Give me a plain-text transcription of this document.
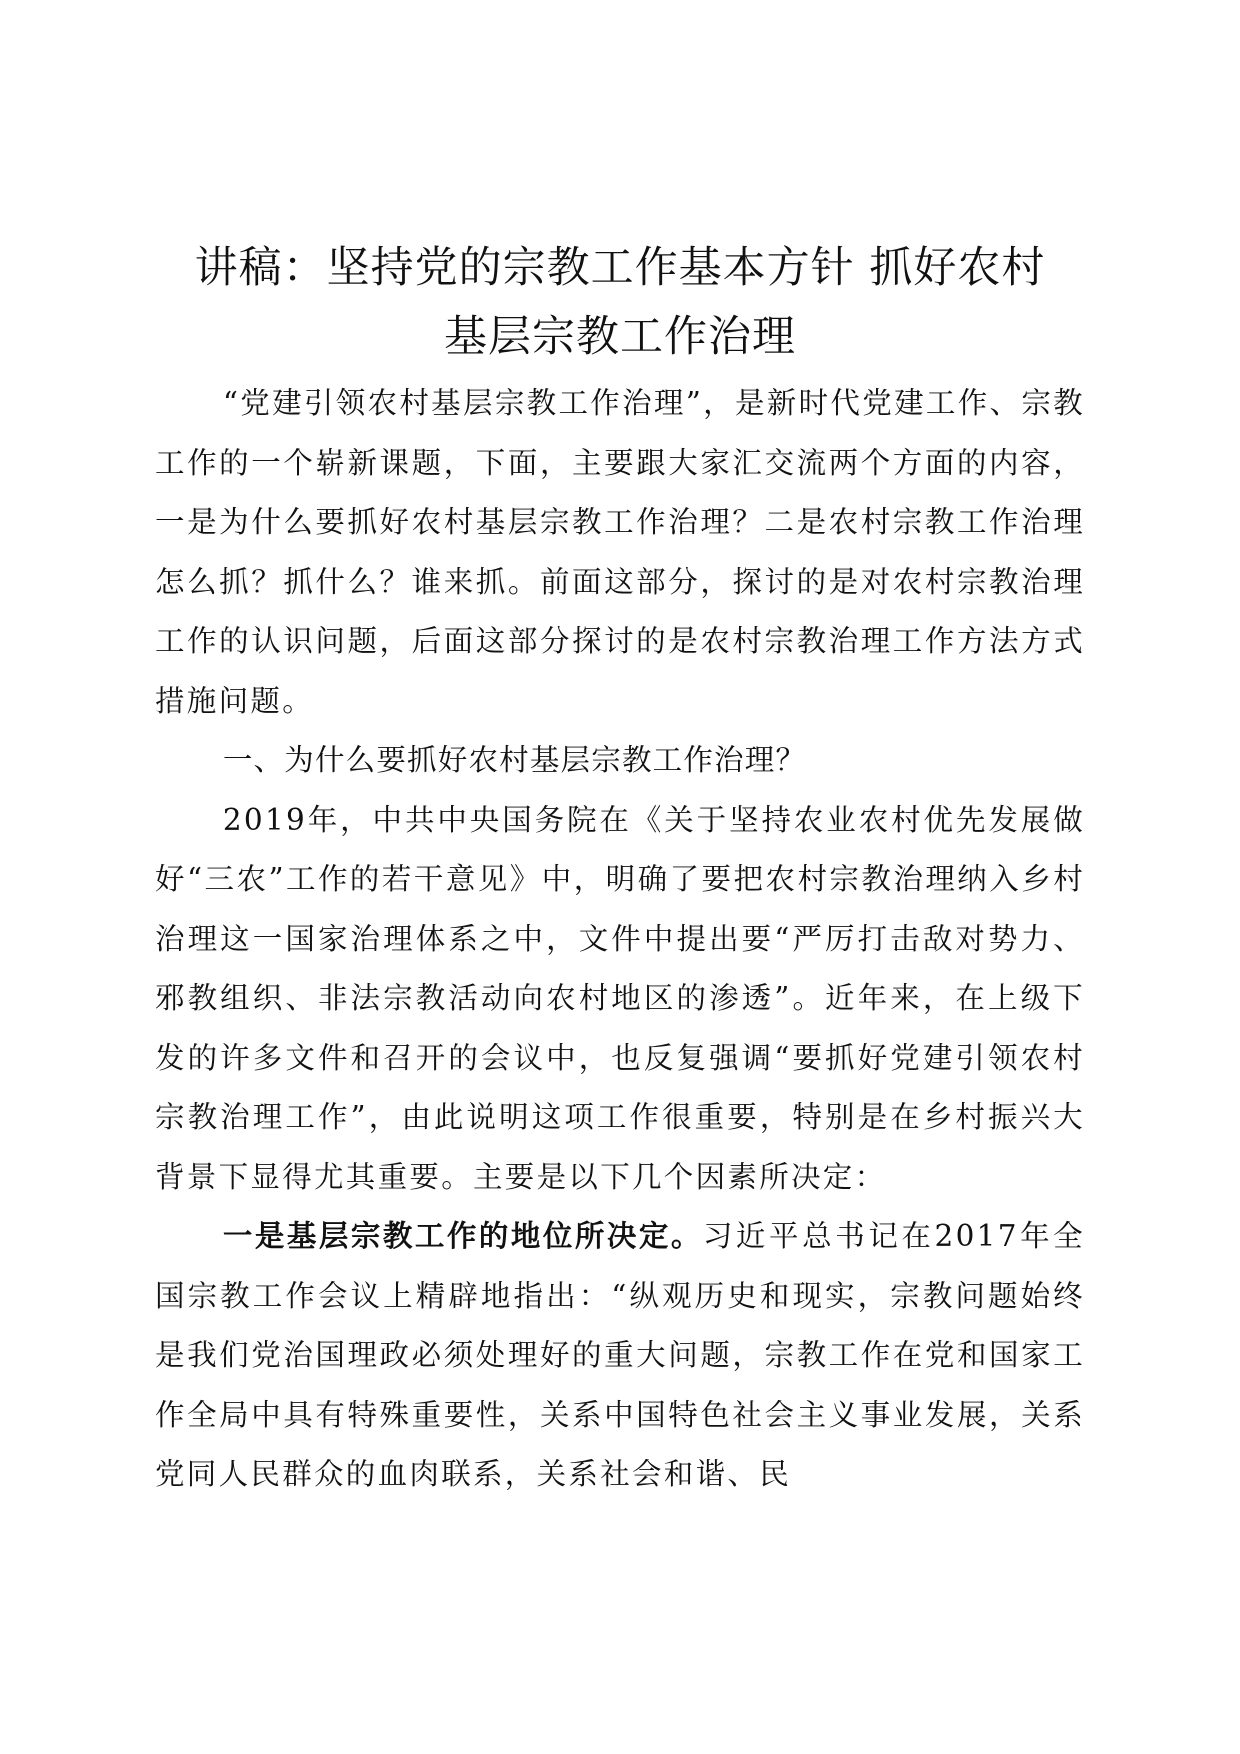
讲稿：坚持党的宗教工作基本方针 抓好农村
基层宗教工作治理

“党建引领农村基层宗教工作治理”，是新时代党建工作、宗教工作的一个崭新课题，下面，主要跟大家汇交流两个方面的内容，一是为什么要抓好农村基层宗教工作治理？二是农村宗教工作治理怎么抓？抓什么？谁来抓。前面这部分，探讨的是对农村宗教治理工作的认识问题，后面这部分探讨的是农村宗教治理工作方法方式措施问题。

一、为什么要抓好农村基层宗教工作治理？

2019年，中共中央国务院在《关于坚持农业农村优先发展做好“三农”工作的若干意见》中，明确了要把农村宗教治理纳入乡村治理这一国家治理体系之中，文件中提出要“严厉打击敌对势力、邪教组织、非法宗教活动向农村地区的渗透”。近年来，在上级下发的许多文件和召开的会议中，也反复强调“要抓好党建引领农村宗教治理工作”，由此说明这项工作很重要，特别是在乡村振兴大背景下显得尤其重要。主要是以下几个因素所决定：

一是基层宗教工作的地位所决定。习近平总书记在2017年全国宗教工作会议上精辟地指出：“纵观历史和现实，宗教问题始终是我们党治国理政必须处理好的重大问题，宗教工作在党和国家工作全局中具有特殊重要性，关系中国特色社会主义事业发展，关系党同人民群众的血肉联系，关系社会和谐、民
